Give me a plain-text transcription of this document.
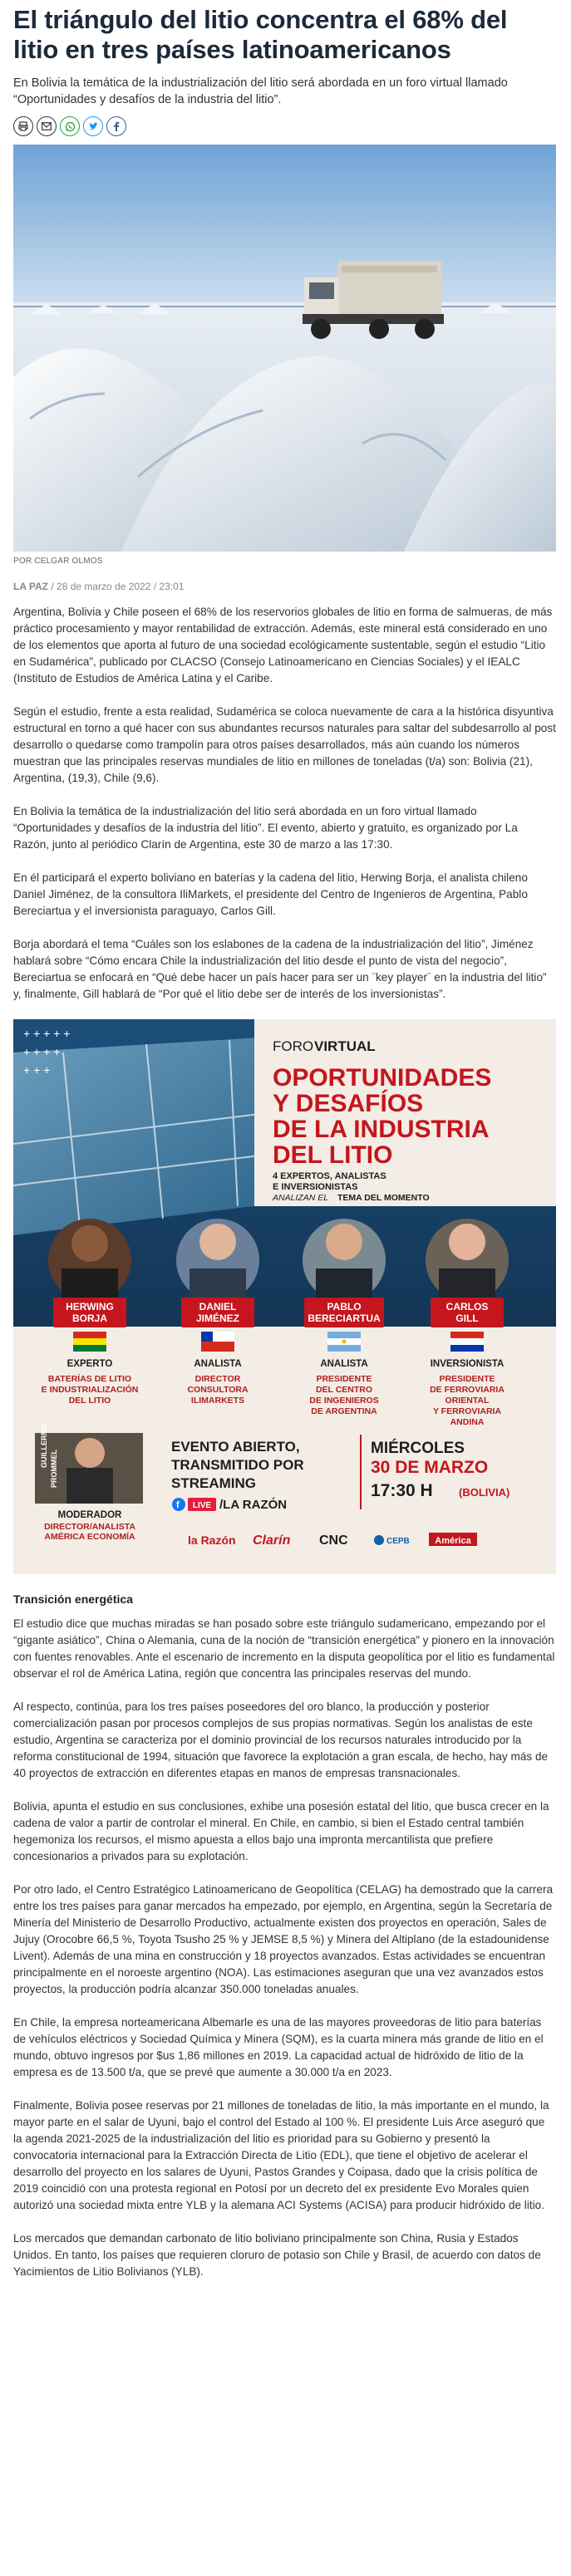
El triángulo del litio concentra el 68% del litio en tres países latinoamericanos
En Bolivia la temática de la industrialización del litio será abordada en un foro virtual llamado “Oportunidades y desafíos de la industria del litio”.
POR CELGAR OLMOS
LA PAZ / 28 de marzo de 2022 / 23:01

Argentina, Bolivia y Chile poseen el 68% de los reservorios globales de litio en forma de salmueras, de más práctico procesamiento y mayor rentabilidad de extracción. Además, este mineral está considerado en uno de los elementos que aporta al futuro de una sociedad ecológicamente sustentable, según el estudio “Litio en Sudamérica”, publicado por CLACSO (Consejo Latinoamericano en Ciencias Sociales) y el IEALC (Instituto de Estudios de América Latina y el Caribe.

Según el estudio, frente a esta realidad, Sudamérica se coloca nuevamente de cara a la histórica disyuntiva estructural en torno a qué hacer con sus abundantes recursos naturales para saltar del subdesarrollo al post desarrollo o quedarse como trampolín para otros países desarrollados, más aún cuando los números muestran que las principales reservas mundiales de litio en millones de toneladas (t/a) son: Bolivia (21), Argentina, (19,3), Chile (9,6).

En Bolivia la temática de la industrialización del litio será abordada en un foro virtual llamado “Oportunidades y desafíos de la industria del litio”. El evento, abierto y gratuito, es organizado por La Razón, junto al periódico Clarín de Argentina, este 30 de marzo a las 17:30.

En él participará el experto boliviano en baterías y la cadena del litio, Herwing Borja, el analista chileno Daniel Jiménez, de la consultora IliMarkets, el presidente del Centro de Ingenieros de Argentina, Pablo Bereciartua y el inversionista paraguayo, Carlos Gill.

Borja abordará el tema “Cuáles son los eslabones de la cadena de la industrialización del litio”, Jiménez hablará sobre “Cómo encara Chile la industrialización del litio desde el punto de vista del negocio”, Bereciartua se enfocará en “Qué debe hacer un país hacer para ser un ¨key player¨ en la industria del litio” y, finalmente, Gill hablará de “Por qué el litio debe ser de interés de los inversionistas”.

+ + + + +
+ + + +
+ + +
FORO VIRTUAL
OPORTUNIDADES
Y DESAFÍOS
DE LA INDUSTRIA
DEL LITIO
4 EXPERTOS, ANALISTAS
E INVERSIONISTAS
ANALIZAN EL TEMA DEL MOMENTO
HERWING
BORJA
EXPERTO
BATERÍAS DE LITIO
E INDUSTRIALIZACIÓN
DEL LITIO
DANIEL
JIMÉNEZ
ANALISTA
DIRECTOR
CONSULTORA
ILIMARKETS
PABLO
BERECIARTUA
ANALISTA
PRESIDENTE
DEL CENTRO
DE INGENIEROS
DE ARGENTINA
CARLOS
GILL
INVERSIONISTA
PRESIDENTE
DE FERROVIARIA
ORIENTAL
Y FERROVIARIA
ANDINA
GUILLERMO
PROMMEL
MODERADOR
DIRECTOR/ANALISTA
AMÉRICA ECONOMÍA
EVENTO ABIERTO,
TRANSMITIDO POR
STREAMING
f LIVE /LA RAZÓN
MIÉRCOLES
30 DE MARZO
17:30 H (BOLIVIA)
la Razón Clarín CNC	CEPB	América
Transición energética

El estudio dice que muchas miradas se han posado sobre este triángulo sudamericano, empezando por el “gigante asiático”, China o Alemania, cuna de la noción de “transición energética” y pionero en la innovación con fuentes renovables. Ante el escenario de incremento en la disputa geopolítica por el litio es fundamental observar el rol de América Latina, región que concentra las principales reservas del mundo.

Al respecto, continúa, para los tres países poseedores del oro blanco, la producción y posterior comercialización pasan por procesos complejos de sus propias normativas. Según los analistas de este estudio, Argentina se caracteriza por el dominio provincial de los recursos naturales introducido por la reforma constitucional de 1994, situación que favorece la explotación a gran escala, de hecho, hay más de 40 proyectos de extracción en diferentes etapas en manos de empresas transnacionales.

Bolivia, apunta el estudio en sus conclusiones, exhibe una posesión estatal del litio, que busca crecer en la cadena de valor a partir de controlar el mineral. En Chile, en cambio, si bien el Estado central también hegemoniza los recursos, el mismo apuesta a ellos bajo una impronta mercantilista que prefiere concesionarios a privados para su explotación.

Por otro lado, el Centro Estratégico Latinoamericano de Geopolítica (CELAG) ha demostrado que la carrera entre los tres países para ganar mercados ha empezado, por ejemplo, en Argentina, según la Secretaría de Minería del Ministerio de Desarrollo Productivo, actualmente existen dos proyectos en operación, Sales de Jujuy (Orocobre 66,5 %, Toyota Tsusho 25 % y JEMSE 8,5 %) y Minera del Altiplano (de la estadounidense Livent). Además de una mina en construcción y 18 proyectos avanzados. Estas actividades se encuentran principalmente en el noroeste argentino (NOA). Las estimaciones aseguran que una vez avanzados estos proyectos, la producción podría alcanzar 350.000 toneladas anuales.

En Chile, la empresa norteamericana Albemarle es una de las mayores proveedoras de litio para baterías de vehículos eléctricos y Sociedad Química y Minera (SQM), es la cuarta minera más grande de litio en el mundo, obtuvo ingresos por $us 1,86 millones en 2019. La capacidad actual de hidróxido de litio de la empresa es de 13.500 t/a, que se prevé que aumente a 30.000 t/a en 2023.

Finalmente, Bolivia posee reservas por 21 millones de toneladas de litio, la más importante en el mundo, la mayor parte en el salar de Uyuni, bajo el control del Estado al 100 %. El presidente Luis Arce aseguró que la agenda 2021-2025 de la industrialización del litio es prioridad para su Gobierno y presentó la convocatoria internacional para la Extracción Directa de Litio (EDL), que tiene el objetivo de acelerar el desarrollo del proyecto en los salares de Uyuni, Pastos Grandes y Coipasa, dado que la crisis política de 2019 coincidió con una protesta regional en Potosí por un decreto del ex presidente Evo Morales quien autorizó una sociedad mixta entre YLB y la alemana ACI Systems (ACISA) para producir hidróxido de litio.

Los mercados que demandan carbonato de litio boliviano principalmente son China, Rusia y Estados Unidos. En tanto, los países que requieren cloruro de potasio son Chile y Brasil, de acuerdo con datos de Yacimientos de Litio Bolivianos (YLB).
